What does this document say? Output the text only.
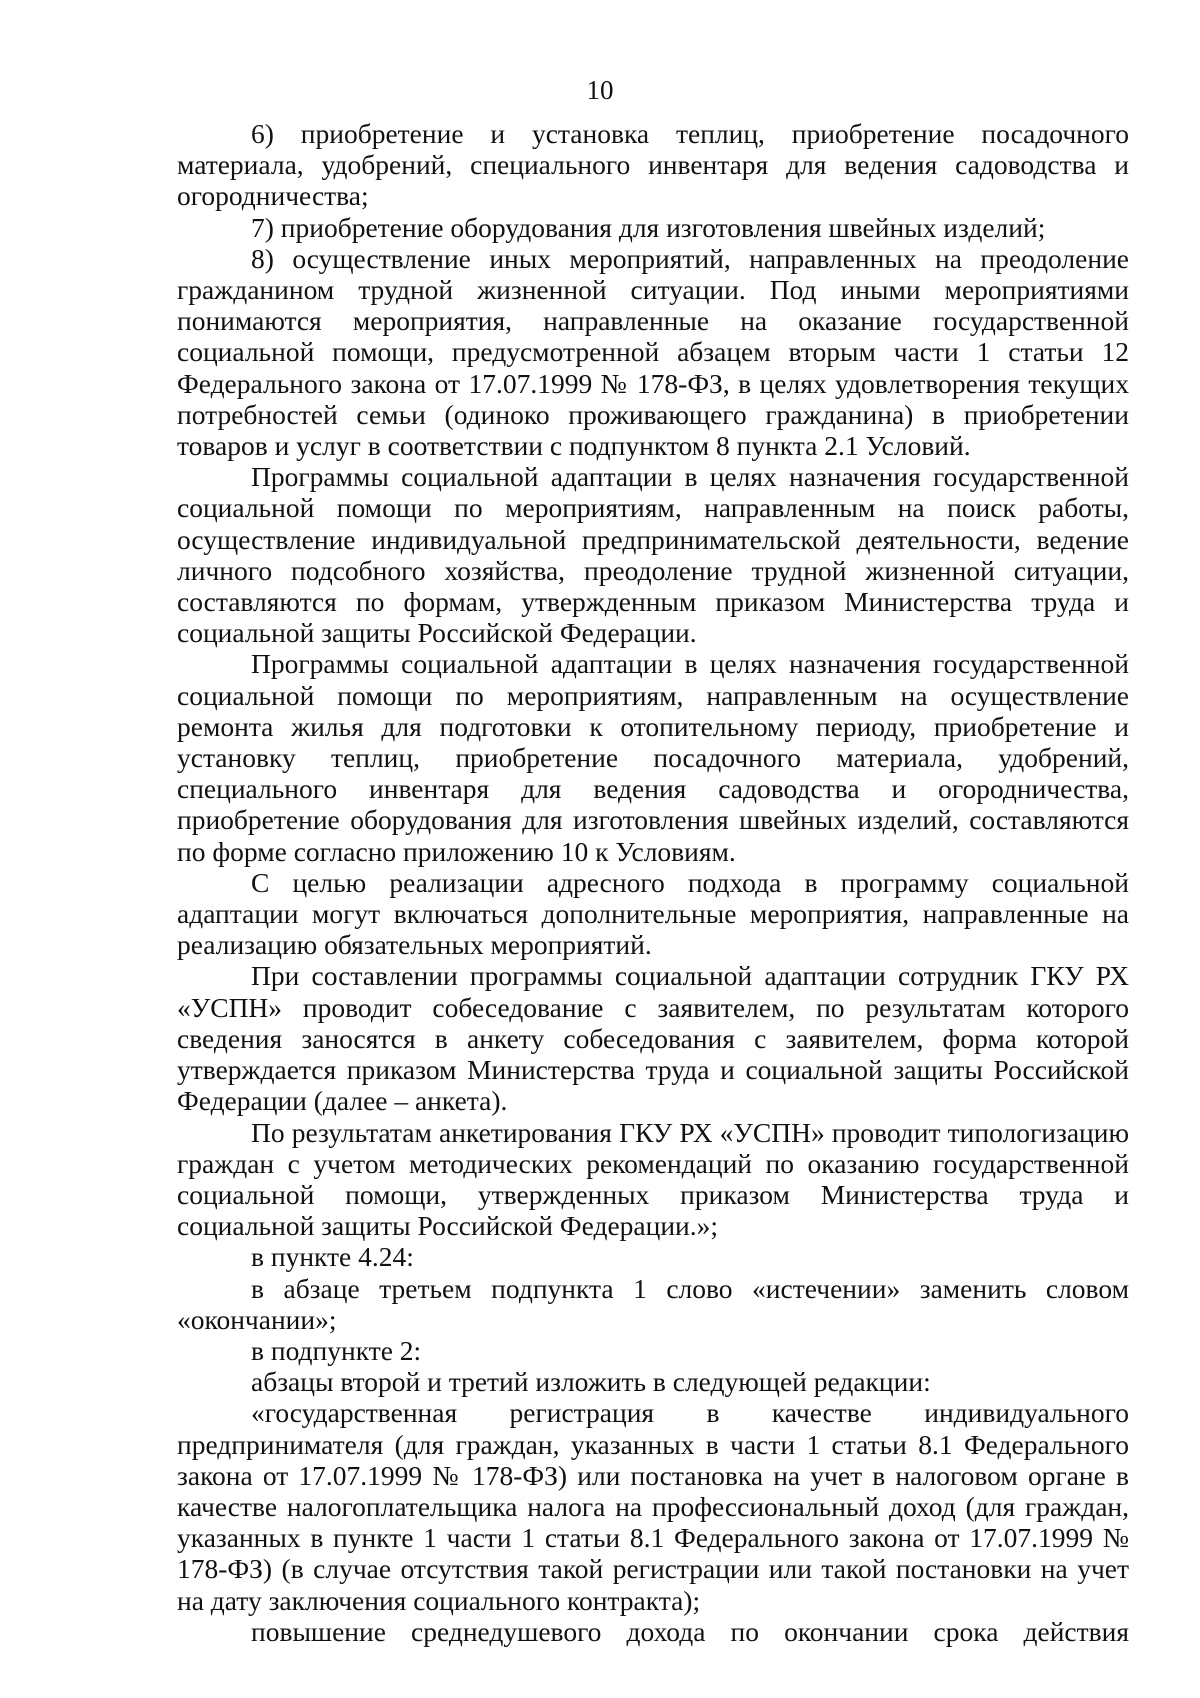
10

6) приобретение и установка теплиц, приобретение посадочного материала, удобрений, специального инвентаря для ведения садоводства и огородничества;

7) приобретение оборудования для изготовления швейных изделий;

8) осуществление иных мероприятий, направленных на преодоление гражданином трудной жизненной ситуации. Под иными мероприятиями понимаются мероприятия, направленные на оказание государственной социальной помощи, предусмотренной абзацем вторым части 1 статьи 12 Федерального закона от 17.07.1999 № 178-ФЗ, в целях удовлетворения текущих потребностей семьи (одиноко проживающего гражданина) в приобретении товаров и услуг в соответствии с подпунктом 8 пункта 2.1 Условий.

Программы социальной адаптации в целях назначения государственной социальной помощи по мероприятиям, направленным на поиск работы, осуществление индивидуальной предпринимательской деятельности, ведение личного подсобного хозяйства, преодоление трудной жизненной ситуации, составляются по формам, утвержденным приказом Министерства труда и социальной защиты Российской Федерации.

Программы социальной адаптации в целях назначения государственной социальной помощи по мероприятиям, направленным на осуществление ремонта жилья для подготовки к отопительному периоду, приобретение и установку теплиц, приобретение посадочного материала, удобрений, специального инвентаря для ведения садоводства и огородничества, приобретение оборудования для изготовления швейных изделий, составляются по форме согласно приложению 10 к Условиям.

С целью реализации адресного подхода в программу социальной адаптации могут включаться дополнительные мероприятия, направленные на реализацию обязательных мероприятий.

При составлении программы социальной адаптации сотрудник ГКУ РХ «УСПН» проводит собеседование с заявителем, по результатам которого сведения заносятся в анкету собеседования с заявителем, форма которой утверждается приказом Министерства труда и социальной защиты Российской Федерации (далее – анкета).

По результатам анкетирования ГКУ РХ «УСПН» проводит типологизацию граждан с учетом методических рекомендаций по оказанию государственной социальной помощи, утвержденных приказом Министерства труда и социальной защиты Российской Федерации.»;

в пункте 4.24:

в абзаце третьем подпункта 1 слово «истечении» заменить словом «окончании»;

в подпункте 2:

абзацы второй и третий изложить в следующей редакции:

«государственная регистрация в качестве индивидуального предпринимателя (для граждан, указанных в части 1 статьи 8.1 Федерального закона от 17.07.1999 № 178-ФЗ) или постановка на учет в налоговом органе в качестве налогоплательщика налога на профессиональный доход (для граждан, указанных в пункте 1 части 1 статьи 8.1 Федерального закона от 17.07.1999 № 178-ФЗ) (в случае отсутствия такой регистрации или такой постановки на учет на дату заключения социального контракта);

повышение среднедушевого дохода по окончании срока действия
